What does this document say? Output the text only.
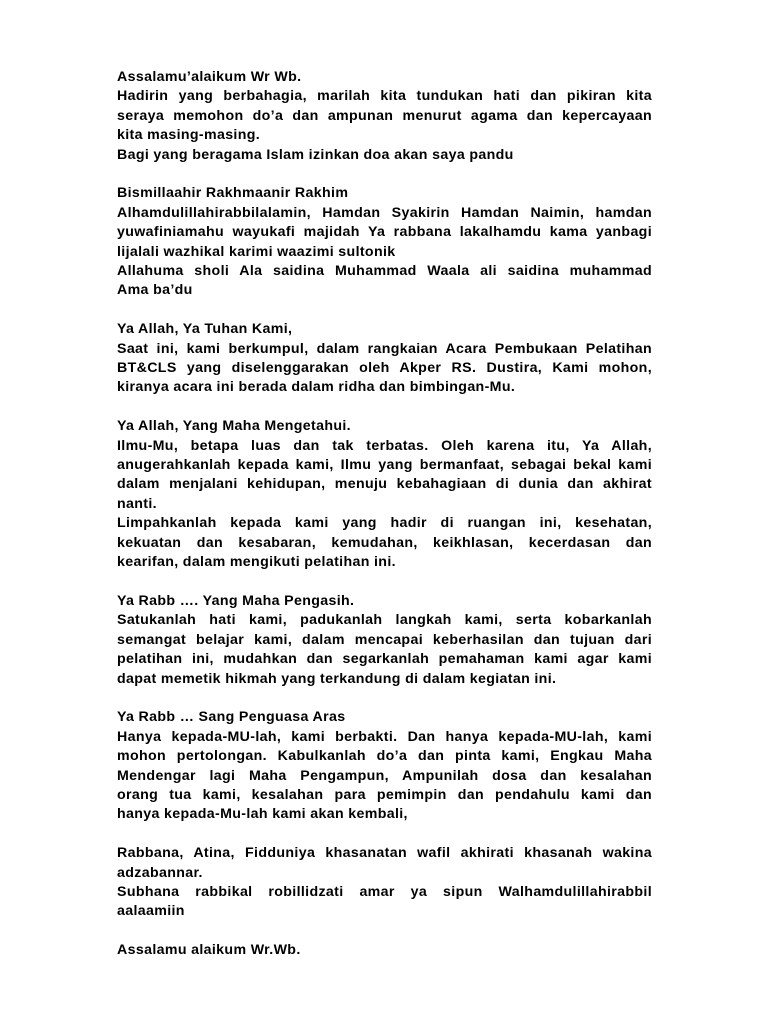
Assalamu’alaikum Wr Wb.
Hadirin yang berbahagia, marilah kita tundukan hati dan pikiran kita
seraya memohon do’a dan ampunan menurut agama dan kepercayaan
kita masing-masing.
Bagi yang beragama Islam izinkan doa akan saya pandu
Bismillaahir Rakhmaanir Rakhim
Alhamdulillahirabbilalamin, Hamdan Syakirin Hamdan Naimin, hamdan
yuwafiniamahu wayukafi majidah Ya rabbana lakalhamdu kama yanbagi
lijalali wazhikal karimi waazimi sultonik
Allahuma sholi Ala saidina Muhammad Waala ali saidina muhammad
Ama ba’du
Ya Allah, Ya Tuhan Kami,
Saat ini, kami berkumpul, dalam rangkaian Acara Pembukaan Pelatihan
BT&CLS yang diselenggarakan oleh Akper RS. Dustira, Kami mohon,
kiranya acara ini berada dalam ridha dan bimbingan-Mu.
Ya Allah, Yang Maha Mengetahui.
Ilmu-Mu, betapa luas dan tak terbatas. Oleh karena itu, Ya Allah,
anugerahkanlah kepada kami, Ilmu yang bermanfaat, sebagai bekal kami
dalam menjalani kehidupan, menuju kebahagiaan di dunia dan akhirat
nanti.
Limpahkanlah kepada kami yang hadir di ruangan ini, kesehatan,
kekuatan dan kesabaran, kemudahan, keikhlasan, kecerdasan dan
kearifan, dalam mengikuti pelatihan ini.
Ya Rabb …. Yang Maha Pengasih.
Satukanlah hati kami, padukanlah langkah kami, serta kobarkanlah
semangat belajar kami, dalam mencapai keberhasilan dan tujuan dari
pelatihan ini, mudahkan dan segarkanlah pemahaman kami agar kami
dapat memetik hikmah yang terkandung di dalam kegiatan ini.
Ya Rabb … Sang Penguasa Aras
Hanya kepada-MU-lah, kami berbakti. Dan hanya kepada-MU-lah, kami
mohon pertolongan. Kabulkanlah do’a dan pinta kami, Engkau Maha
Mendengar lagi Maha Pengampun, Ampunilah dosa dan kesalahan
orang tua kami, kesalahan para pemimpin dan pendahulu kami dan
hanya kepada-Mu-lah kami akan kembali,
Rabbana, Atina, Fidduniya khasanatan wafil akhirati khasanah wakina
adzabannar.
Subhana rabbikal robillidzati amar ya sipun Walhamdulillahirabbil
aalaamiin
Assalamu alaikum Wr.Wb.
